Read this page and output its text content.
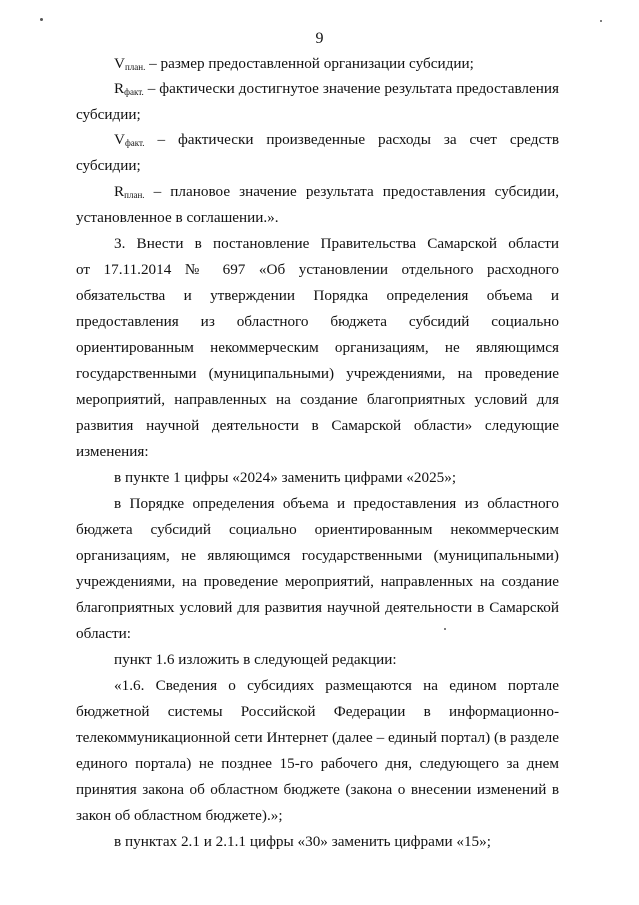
9
$V_{план.}$ – размер предоставленной организации субсидии;
$R_{факт.}$ – фактически достигнутое значение результата предоставления
субсидии;
$V_{факт.}$ – фактически произведенные расходы за счет средств
субсидии;
$R_{план.}$ – плановое значение результата предоставления субсидии,
установленное в соглашении.».
3. Внести в постановление Правительства Самарской области
от 17.11.2014 № 697 «Об установлении отдельного расходного
обязательства и утверждении Порядка определения объема и
предоставления из областного бюджета субсидий социально
ориентированным некоммерческим организациям, не являющимся
государственными (муниципальными) учреждениями, на проведение
мероприятий, направленных на создание благоприятных условий для
развития научной деятельности в Самарской области» следующие
изменения:
в пункте 1 цифры «2024» заменить цифрами «2025»;
в Порядке определения объема и предоставления из областного
бюджета субсидий социально ориентированным некоммерческим
организациям, не являющимся государственными (муниципальными)
учреждениями, на проведение мероприятий, направленных на создание
благоприятных условий для развития научной деятельности в Самарской
области:
пункт 1.6 изложить в следующей редакции:
«1.6. Сведения о субсидиях размещаются на едином портале
бюджетной системы Российской Федерации в информационно-
телекоммуникационной сети Интернет (далее – единый портал) (в разделе
единого портала) не позднее 15-го рабочего дня, следующего за днем
принятия закона об областном бюджете (закона о внесении изменений в
закон об областном бюджете).»;
в пунктах 2.1 и 2.1.1 цифры «30» заменить цифрами «15»;
